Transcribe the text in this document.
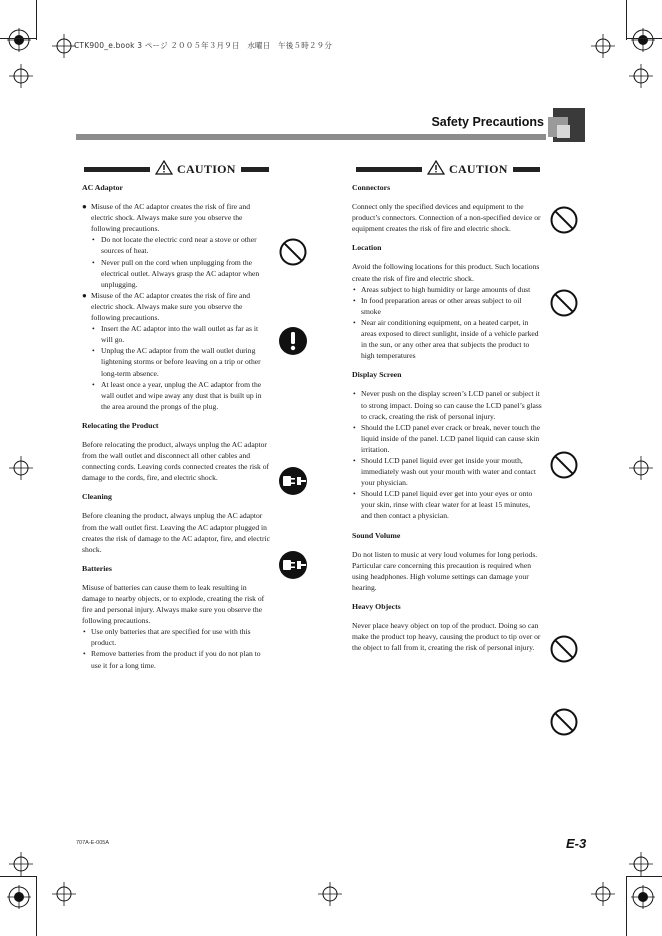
CTK900_e.book 3 ページ ２００５年３月９日　水曜日　午後５時２９分
Safety Precautions
CAUTION	CAUTION
AC Adaptor
● Misuse of the AC adaptor creates the risk of fire and electric shock. Always make sure you observe the following precautions.
• Do not locate the electric cord near a stove or other sources of heat.
• Never pull on the cord when unplugging from the electrical outlet. Always grasp the AC adaptor when unplugging.
● Misuse of the AC adaptor creates the risk of fire and electric shock. Always make sure you observe the following precautions.
• Insert the AC adaptor into the wall outlet as far as it will go.
• Unplug the AC adaptor from the wall outlet during lightening storms or before leaving on a trip or other long-term absence.
• At least once a year, unplug the AC adaptor from the wall outlet and wipe away any dust that is built up in the area around the prongs of the plug.
Relocating the Product

Before relocating the product, always unplug the AC adaptor from the wall outlet and disconnect all other cables and connecting cords. Leaving cords connected creates the risk of damage to the cords, fire, and electric shock.

Cleaning

Before cleaning the product, always unplug the AC adaptor from the wall outlet first. Leaving the AC adaptor plugged in creates the risk of damage to the AC adaptor, fire, and electric shock.

Batteries

Misuse of batteries can cause them to leak resulting in damage to nearby objects, or to explode, creating the risk of fire and personal injury. Always make sure you observe the following precautions.

• Use only batteries that are specified for use with this product.
• Remove batteries from the product if you do not plan to use it for a long time.
Connectors

Connect only the specified devices and equipment to the product’s connectors. Connection of a non-specified device or equipment creates the risk of fire and electric shock.

Location

Avoid the following locations for this product. Such locations create the risk of fire and electric shock.

• Areas subject to high humidity or large amounts of dust
• In food preparation areas or other areas subject to oil smoke
• Near air conditioning equipment, on a heated carpet, in areas exposed to direct sunlight, inside of a vehicle parked in the sun, or any other area that subjects the product to high temperatures
Display Screen
• Never push on the display screen’s LCD panel or subject it to strong impact. Doing so can cause the LCD panel’s glass to crack, creating the risk of personal injury.
• Should the LCD panel ever crack or break, never touch the liquid inside of the panel. LCD panel liquid can cause skin irritation.
• Should LCD panel liquid ever get inside your mouth, immediately wash out your mouth with water and contact your physician.
• Should LCD panel liquid ever get into your eyes or onto your skin, rinse with clear water for at least 15 minutes, and then contact a physician.
Sound Volume

Do not listen to music at very loud volumes for long periods. Particular care concerning this precaution is required when using headphones. High volume settings can damage your hearing.

Heavy Objects

Never place heavy object on top of the product. Doing so can make the product top heavy, causing the product to tip over or the object to fall from it, creating the risk of personal injury.

707A-E-005A	E-3
